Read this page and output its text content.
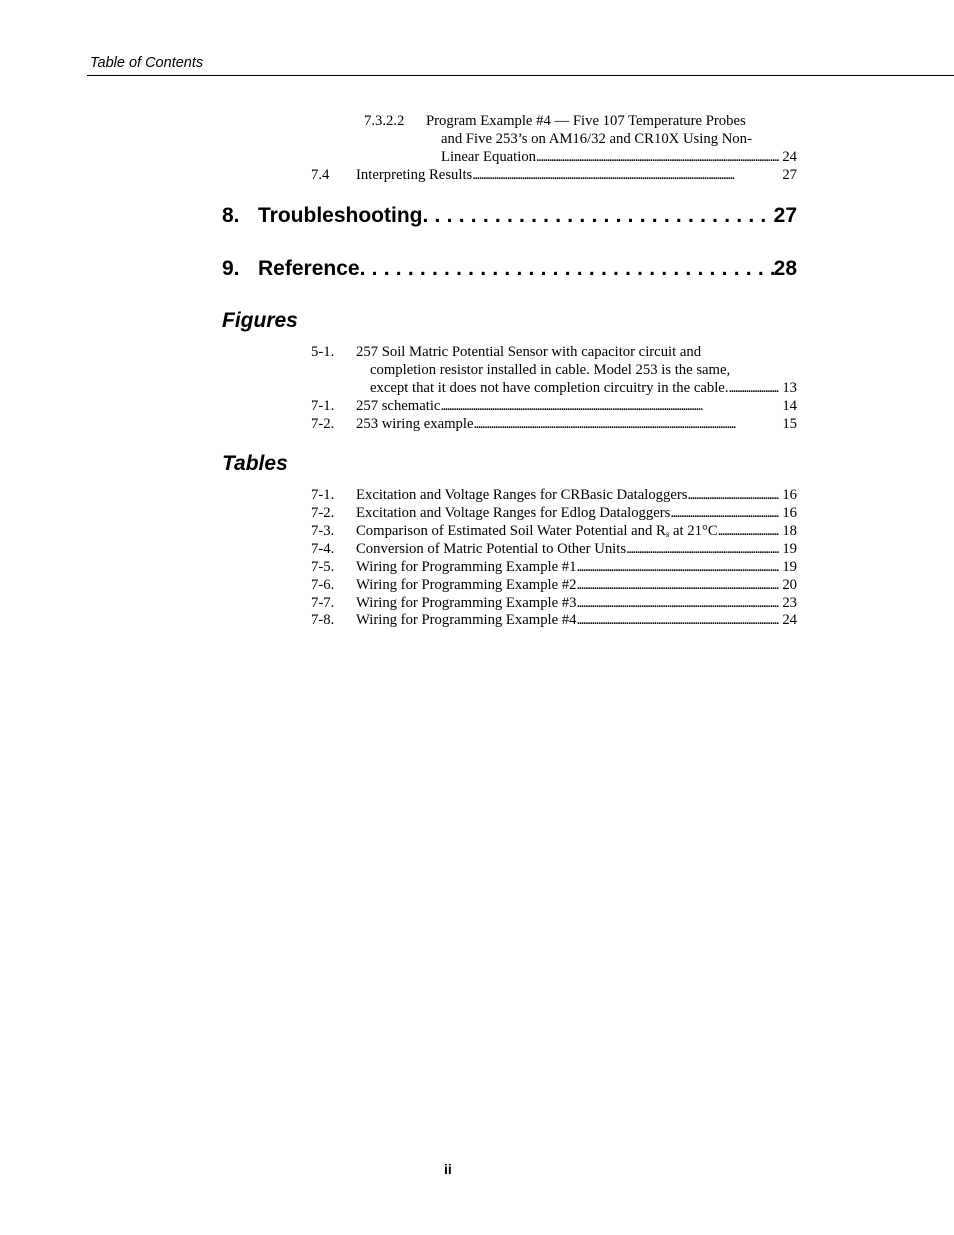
Table of Contents
7.3.2.2 Program Example #4 — Five 107 Temperature Probes
and Five 253’s on AM16/32 and CR10X Using Non-
Linear Equation . . .	24
7.4 Interpreting Results . . .	27
8. Troubleshooting . . .	27
9. Reference . . .	28
Figures
5-1. 257 Soil Matric Potential Sensor with capacitor circuit and
completion resistor installed in cable. Model 253 is the same,
except that it does not have completion circuitry in the cable. . . .	13
7-1. 257 schematic . . .	14
7-2. 253 wiring example . . .	15
Tables
7-1. Excitation and Voltage Ranges for CRBasic Dataloggers . . .	16
7-2. Excitation and Voltage Ranges for Edlog Dataloggers . . .	16
7-3. Comparison of Estimated Soil Water Potential and $R_s$ at 21°C . . .	18
7-4. Conversion of Matric Potential to Other Units . . .	19
7-5. Wiring for Programming Example #1 . . .	19
7-6. Wiring for Programming Example #2 . . .	20
7-7. Wiring for Programming Example #3 . . .	23
7-8. Wiring for Programming Example #4 . . .	24
ii
